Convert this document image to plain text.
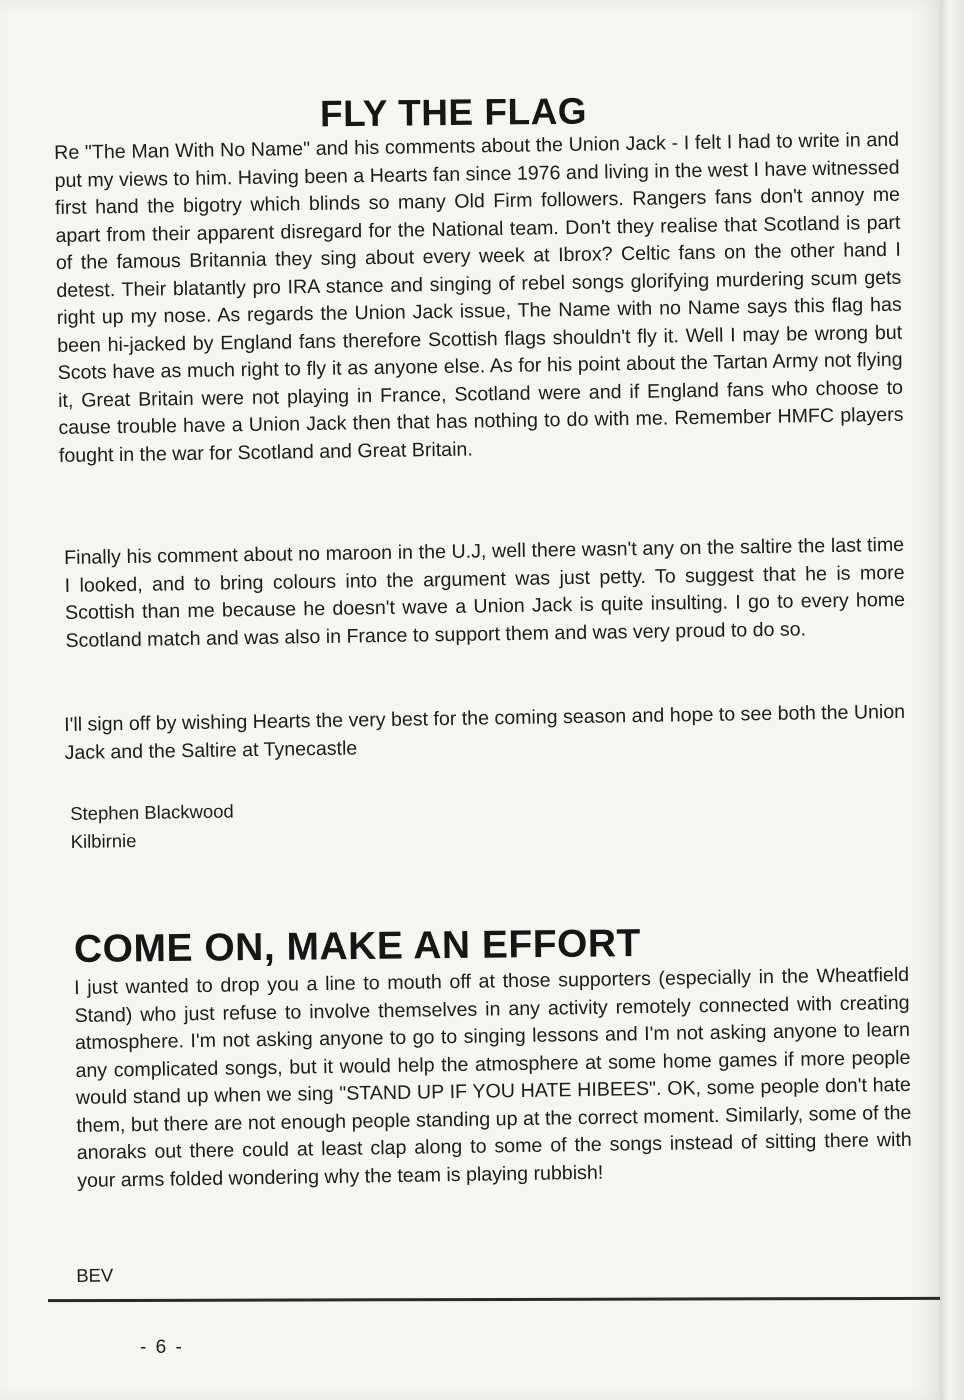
FLY THE FLAG

Re "The Man With No Name" and his comments about the Union Jack - I felt I had to write in and put my views to him. Having been a Hearts fan since 1976 and living in the west I have witnessed first hand the bigotry which blinds so many Old Firm followers. Rangers fans don't annoy me apart from their apparent disregard for the National team. Don't they realise that Scotland is part of the famous Britannia they sing about every week at Ibrox? Celtic fans on the other hand I detest. Their blatantly pro IRA stance and singing of rebel songs glorifying murdering scum gets right up my nose. As regards the Union Jack issue, The Name with no Name says this flag has been hi-jacked by England fans therefore Scottish flags shouldn't fly it. Well I may be wrong but Scots have as much right to fly it as anyone else. As for his point about the Tartan Army not flying it, Great Britain were not playing in France, Scotland were and if England fans who choose to cause trouble have a Union Jack then that has nothing to do with me. Remember HMFC players fought in the war for Scotland and Great Britain.

Finally his comment about no maroon in the U.J, well there wasn't any on the saltire the last time I looked, and to bring colours into the argument was just petty. To suggest that he is more Scottish than me because he doesn't wave a Union Jack is quite insulting. I go to every home Scotland match and was also in France to support them and was very proud to do so.

I'll sign off by wishing Hearts the very best for the coming season and hope to see both the Union Jack and the Saltire at Tynecastle

Stephen Blackwood
Kilbirnie
COME ON, MAKE AN EFFORT

I just wanted to drop you a line to mouth off at those supporters (especially in the Wheatfield Stand) who just refuse to involve themselves in any activity remotely connected with creating atmosphere. I'm not asking anyone to go to singing lessons and I'm not asking anyone to learn any complicated songs, but it would help the atmosphere at some home games if more people would stand up when we sing "STAND UP IF YOU HATE HIBEES". OK, some people don't hate them, but there are not enough people standing up at the correct moment. Similarly, some of the anoraks out there could at least clap along to some of the songs instead of sitting there with your arms folded wondering why the team is playing rubbish!

BEV
- 6 -
